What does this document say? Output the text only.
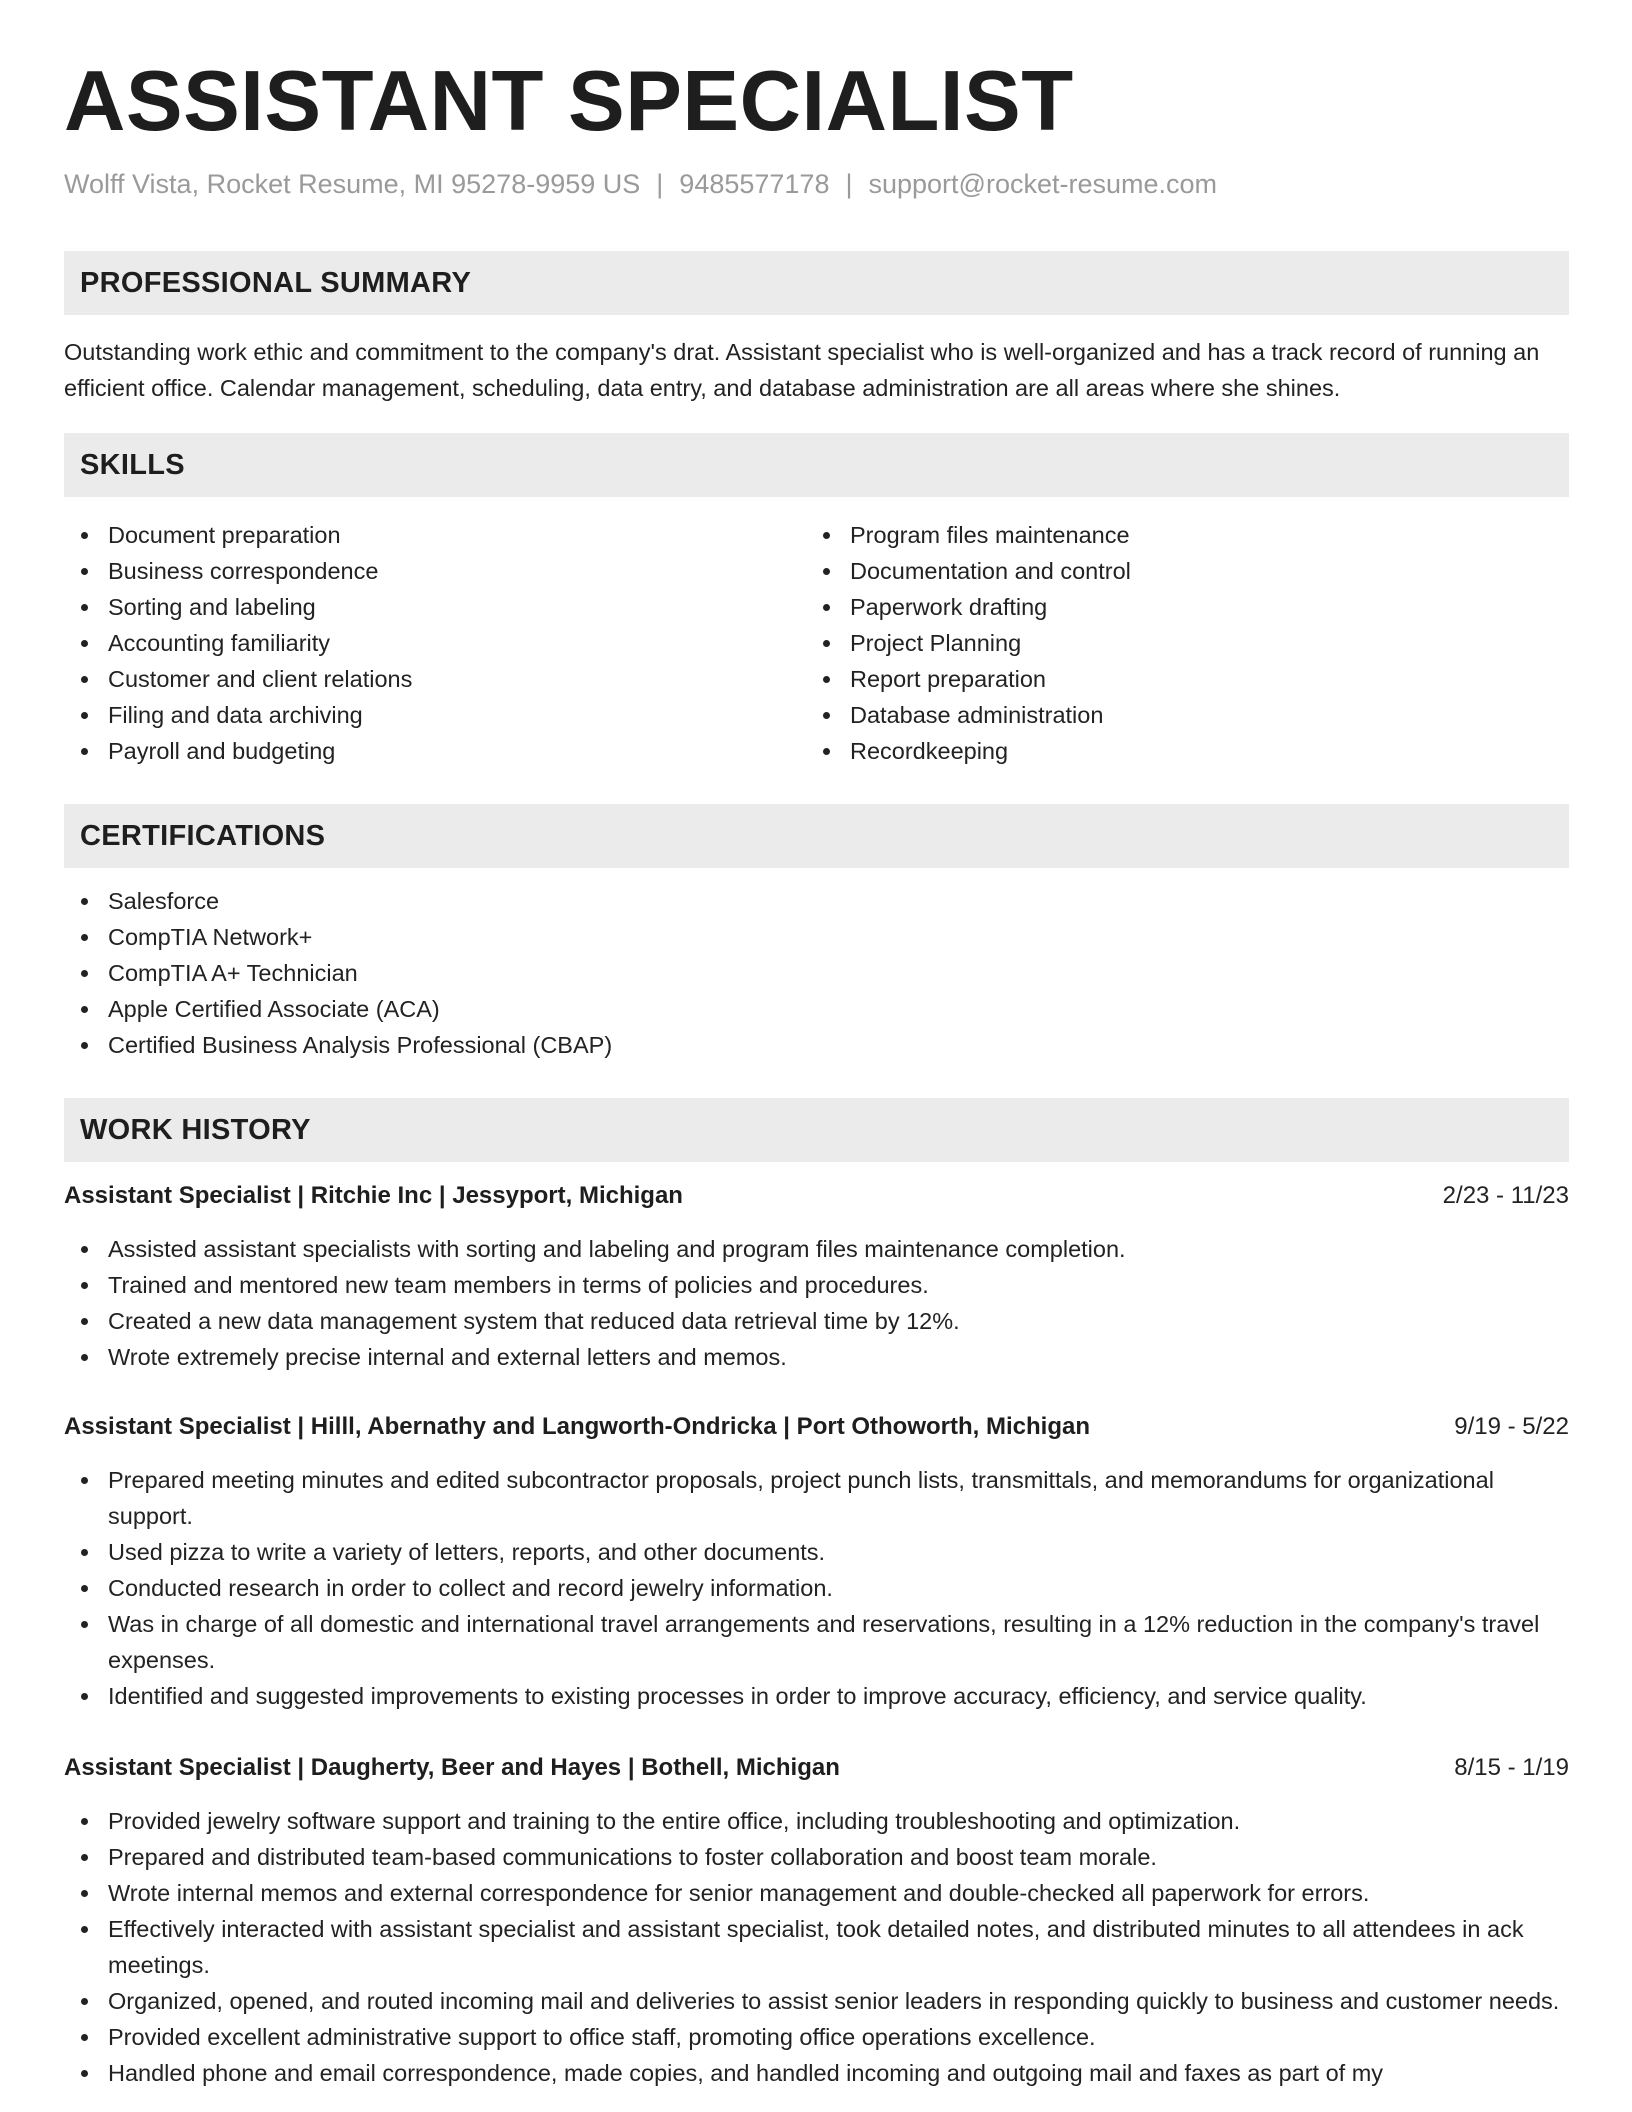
ASSISTANT SPECIALIST
Wolff Vista, Rocket Resume, MI 95278-9959 US | 9485577178 | support@rocket-resume.com
PROFESSIONAL SUMMARY

Outstanding work ethic and commitment to the company's drat. Assistant specialist who is well-organized and has a track record of running an efficient office. Calendar management, scheduling, data entry, and database administration are all areas where she shines.

SKILLS
Document preparation
Business correspondence
Sorting and labeling
Accounting familiarity
Customer and client relations
Filing and data archiving
Payroll and budgeting
Program files maintenance
Documentation and control
Paperwork drafting
Project Planning
Report preparation
Database administration
Recordkeeping
CERTIFICATIONS
Salesforce
CompTIA Network+
CompTIA A+ Technician
Apple Certified Associate (ACA)
Certified Business Analysis Professional (CBAP)
WORK HISTORY
Assistant Specialist | Ritchie Inc | Jessyport, Michigan	2/23 - 11/23
Assisted assistant specialists with sorting and labeling and program files maintenance completion.
Trained and mentored new team members in terms of policies and procedures.
Created a new data management system that reduced data retrieval time by 12%.
Wrote extremely precise internal and external letters and memos.
Assistant Specialist | Hilll, Abernathy and Langworth-Ondricka | Port Othoworth, Michigan	9/19 - 5/22
Prepared meeting minutes and edited subcontractor proposals, project punch lists, transmittals, and memorandums for organizational support.
Used pizza to write a variety of letters, reports, and other documents.
Conducted research in order to collect and record jewelry information.
Was in charge of all domestic and international travel arrangements and reservations, resulting in a 12% reduction in the company's travel expenses.
Identified and suggested improvements to existing processes in order to improve accuracy, efficiency, and service quality.
Assistant Specialist | Daugherty, Beer and Hayes | Bothell, Michigan	8/15 - 1/19
Provided jewelry software support and training to the entire office, including troubleshooting and optimization.
Prepared and distributed team-based communications to foster collaboration and boost team morale.
Wrote internal memos and external correspondence for senior management and double-checked all paperwork for errors.
Effectively interacted with assistant specialist and assistant specialist, took detailed notes, and distributed minutes to all attendees in ack meetings.
Organized, opened, and routed incoming mail and deliveries to assist senior leaders in responding quickly to business and customer needs.
Provided excellent administrative support to office staff, promoting office operations excellence.
Handled phone and email correspondence, made copies, and handled incoming and outgoing mail and faxes as part of my
